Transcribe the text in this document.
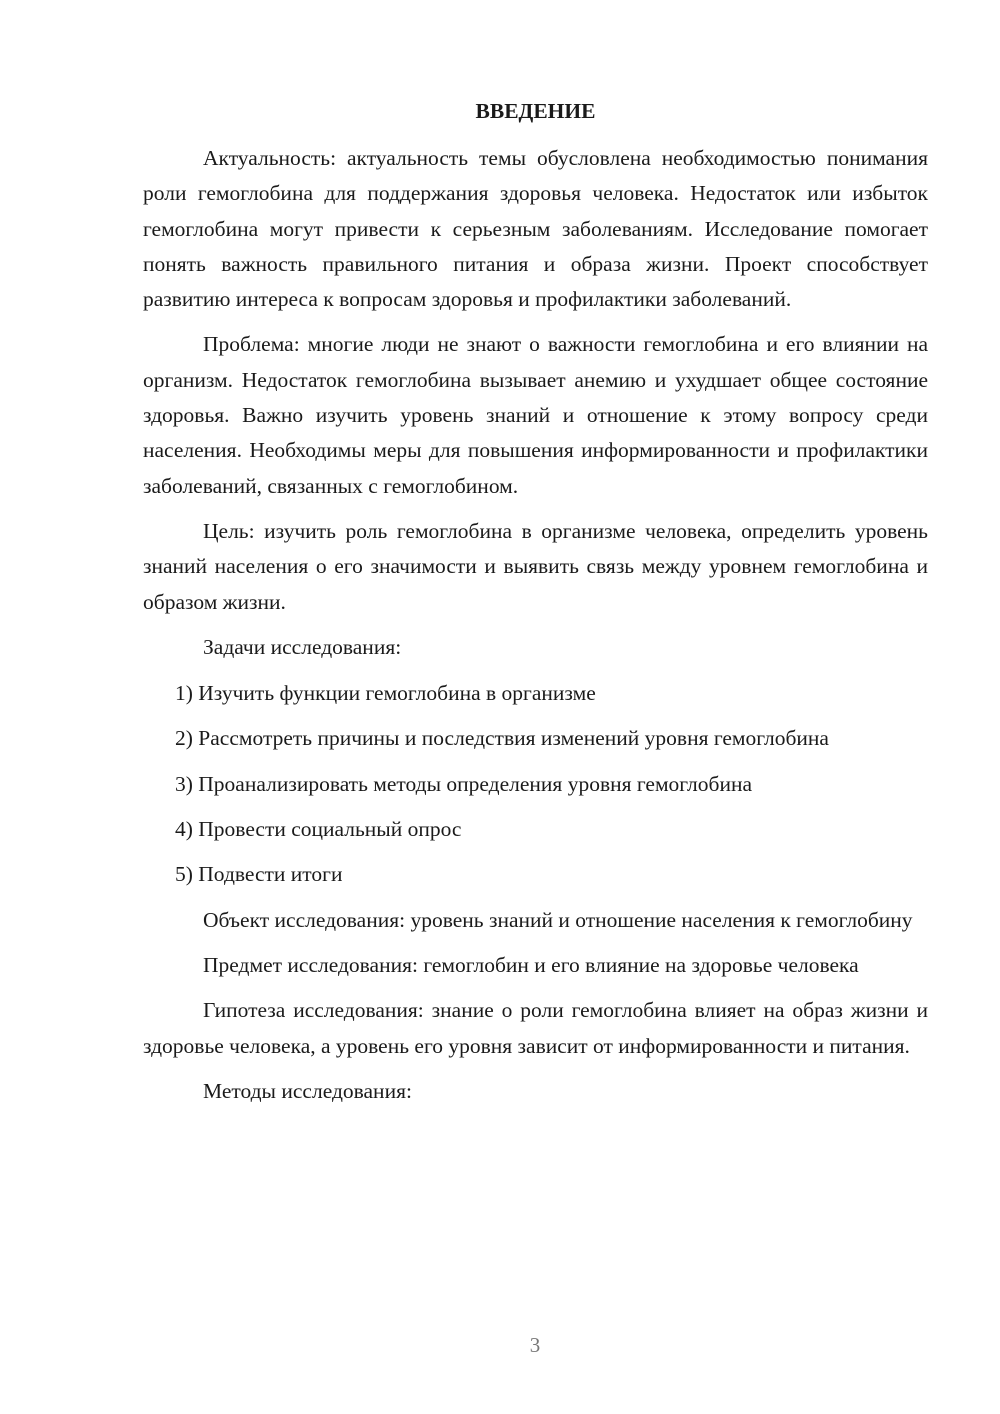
ВВЕДЕНИЕ

Актуальность: актуальность темы обусловлена необходимостью понимания роли гемоглобина для поддержания здоровья человека. Недостаток или избыток гемоглобина могут привести к серьезным заболеваниям. Исследование помогает понять важность правильного питания и образа жизни. Проект способствует развитию интереса к вопросам здоровья и профилактики заболеваний.

Проблема: многие люди не знают о важности гемоглобина и его влиянии на организм. Недостаток гемоглобина вызывает анемию и ухудшает общее состояние здоровья. Важно изучить уровень знаний и отношение к этому вопросу среди населения. Необходимы меры для повышения информированности и профилактики заболеваний, связанных с гемоглобином.

Цель: изучить роль гемоглобина в организме человека, определить уровень знаний населения о его значимости и выявить связь между уровнем гемоглобина и образом жизни.

Задачи исследования:

1) Изучить функции гемоглобина в организме
2) Рассмотреть причины и последствия изменений уровня гемоглобина
3) Проанализировать методы определения уровня гемоглобина
4) Провести социальный опрос
5) Подвести итоги

Объект исследования: уровень знаний и отношение населения к гемоглобину

Предмет исследования: гемоглобин и его влияние на здоровье человека

Гипотеза исследования: знание о роли гемоглобина влияет на образ жизни и здоровье человека, а уровень его уровня зависит от информированности и питания.

Методы исследования:

3
